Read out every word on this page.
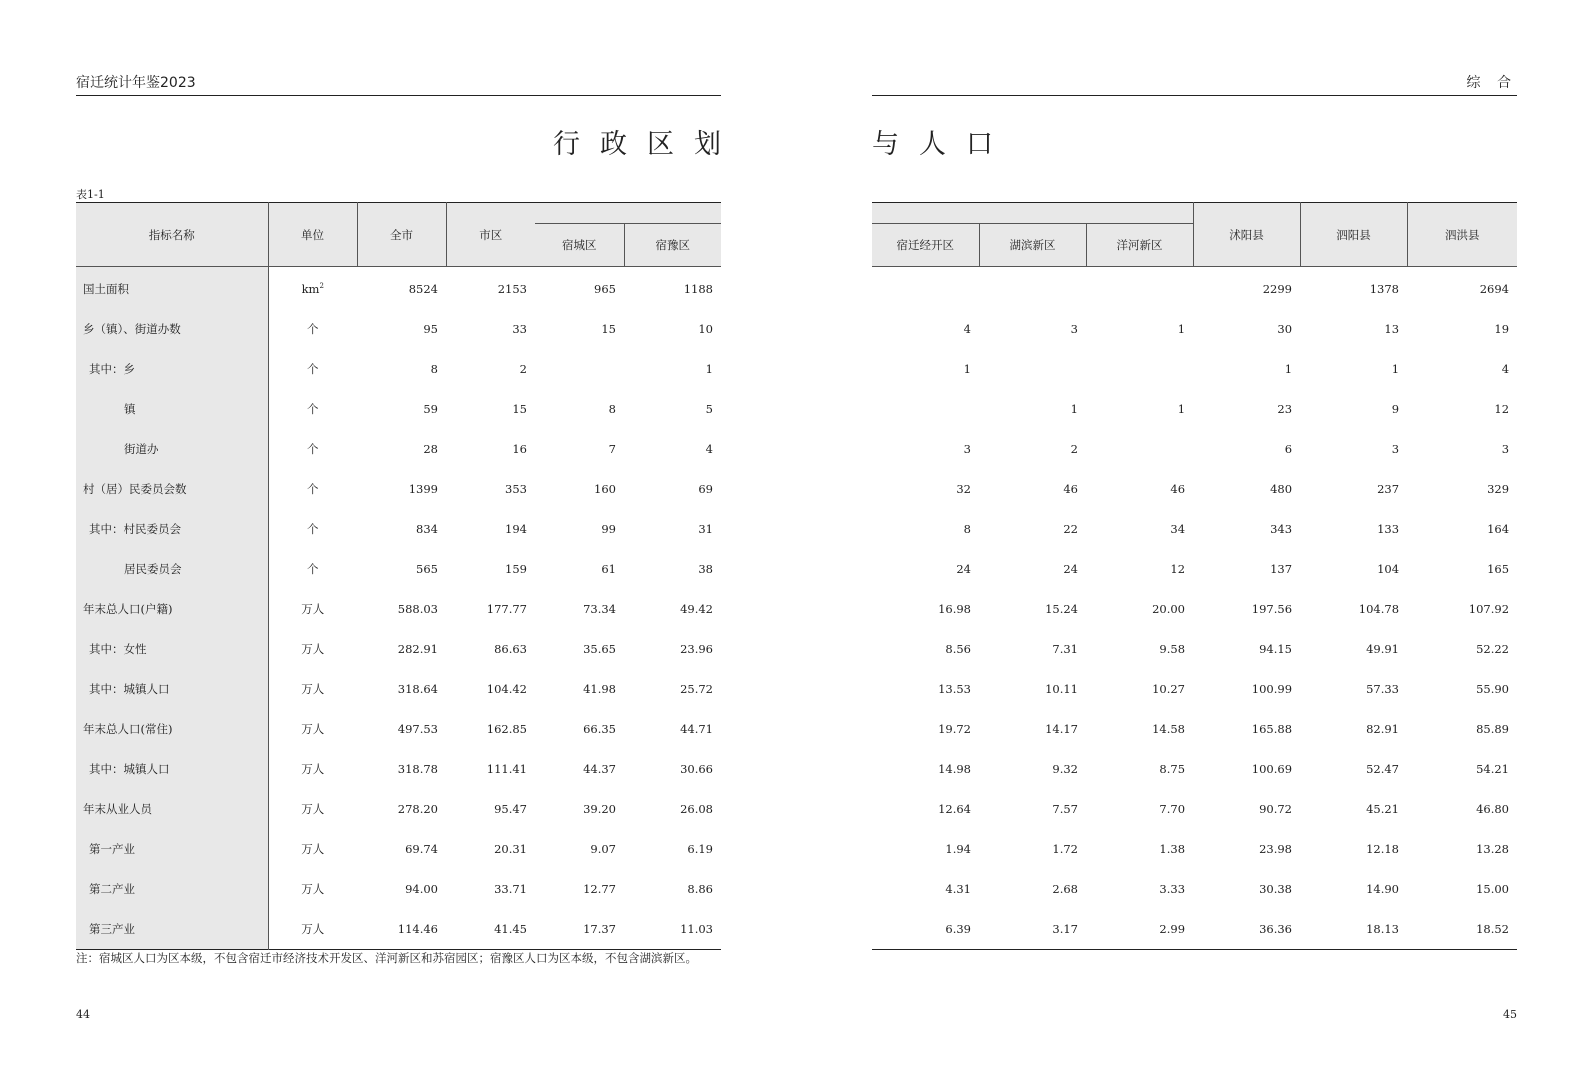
宿迁统计年鉴2023
行政区划
表1-1
指标名称	单位	全市	市区		
				宿城区	宿豫区
国土面积	$km^2$	8524	2153	965	1188
乡（镇）、街道办数	个	95	33	15	10
其中：乡	个	8	2		1
镇	个	59	15	8	5
街道办	个	28	16	7	4
村（居）民委员会数	个	1399	353	160	69
其中：村民委员会	个	834	194	99	31
居民委员会	个	565	159	61	38
年末总人口(户籍)	万人	588.03	177.77	73.34	49.42
其中：女性	万人	282.91	86.63	35.65	23.96
其中：城镇人口	万人	318.64	104.42	41.98	25.72
年末总人口(常住)	万人	497.53	162.85	66.35	44.71
其中：城镇人口	万人	318.78	111.41	44.37	30.66
年末从业人员	万人	278.20	95.47	39.20	26.08
第一产业	万人	69.74	20.31	9.07	6.19
第二产业	万人	94.00	33.71	12.77	8.86
第三产业	万人	114.46	41.45	17.37	11.03
注：宿城区人口为区本级，不包含宿迁市经济技术开发区、洋河新区和苏宿园区；宿豫区人口为区本级，不包含湖滨新区。
44
综 合
与人口
			沭阳县	泗阳县	泗洪县
宿迁经开区	湖滨新区	洋河新区			
			2299	1378	2694
4	3	1	30	13	19
1			1	1	4
	1	1	23	9	12
3	2		6	3	3
32	46	46	480	237	329
8	22	34	343	133	164
24	24	12	137	104	165
16.98	15.24	20.00	197.56	104.78	107.92
8.56	7.31	9.58	94.15	49.91	52.22
13.53	10.11	10.27	100.99	57.33	55.90
19.72	14.17	14.58	165.88	82.91	85.89
14.98	9.32	8.75	100.69	52.47	54.21
12.64	7.57	7.70	90.72	45.21	46.80
1.94	1.72	1.38	23.98	12.18	13.28
4.31	2.68	3.33	30.38	14.90	15.00
6.39	3.17	2.99	36.36	18.13	18.52
45
